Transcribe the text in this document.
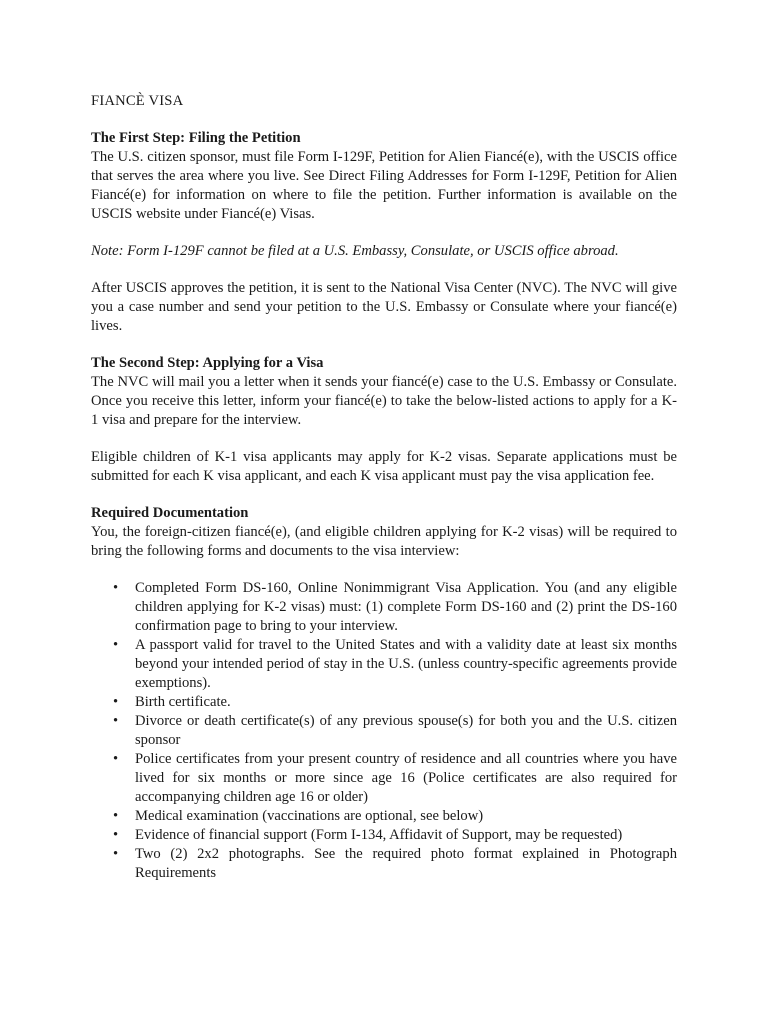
FIANCÈ VISA
The First Step: Filing the Petition

The U.S. citizen sponsor, must file Form I-129F, Petition for Alien Fiancé(e), with the USCIS office that serves the area where you live. See Direct Filing Addresses for Form I-129F, Petition for Alien Fiancé(e) for information on where to file the petition. Further information is available on the USCIS website under Fiancé(e) Visas.

Note: Form I-129F cannot be filed at a U.S. Embassy, Consulate, or USCIS office abroad.

After USCIS approves the petition, it is sent to the National Visa Center (NVC). The NVC will give you a case number and send your petition to the U.S. Embassy or Consulate where your fiancé(e) lives.

The Second Step: Applying for a Visa

The NVC will mail you a letter when it sends your fiancé(e) case to the U.S. Embassy or Consulate. Once you receive this letter, inform your fiancé(e) to take the below-listed actions to apply for a K-1 visa and prepare for the interview.

Eligible children of K-1 visa applicants may apply for K-2 visas. Separate applications must be submitted for each K visa applicant, and each K visa applicant must pay the visa application fee.

Required Documentation

You, the foreign-citizen fiancé(e), (and eligible children applying for K-2 visas) will be required to bring the following forms and documents to the visa interview:

• Completed Form DS-160, Online Nonimmigrant Visa Application. You (and any eligible children applying for K-2 visas) must: (1) complete Form DS-160 and (2) print the DS-160 confirmation page to bring to your interview.
• A passport valid for travel to the United States and with a validity date at least six months beyond your intended period of stay in the U.S. (unless country-specific agreements provide exemptions).
• Birth certificate.
• Divorce or death certificate(s) of any previous spouse(s) for both you and the U.S. citizen sponsor
• Police certificates from your present country of residence and all countries where you have lived for six months or more since age 16 (Police certificates are also required for accompanying children age 16 or older)
• Medical examination (vaccinations are optional, see below)
• Evidence of financial support (Form I-134, Affidavit of Support, may be requested)
• Two (2) 2x2 photographs. See the required photo format explained in Photograph Requirements
